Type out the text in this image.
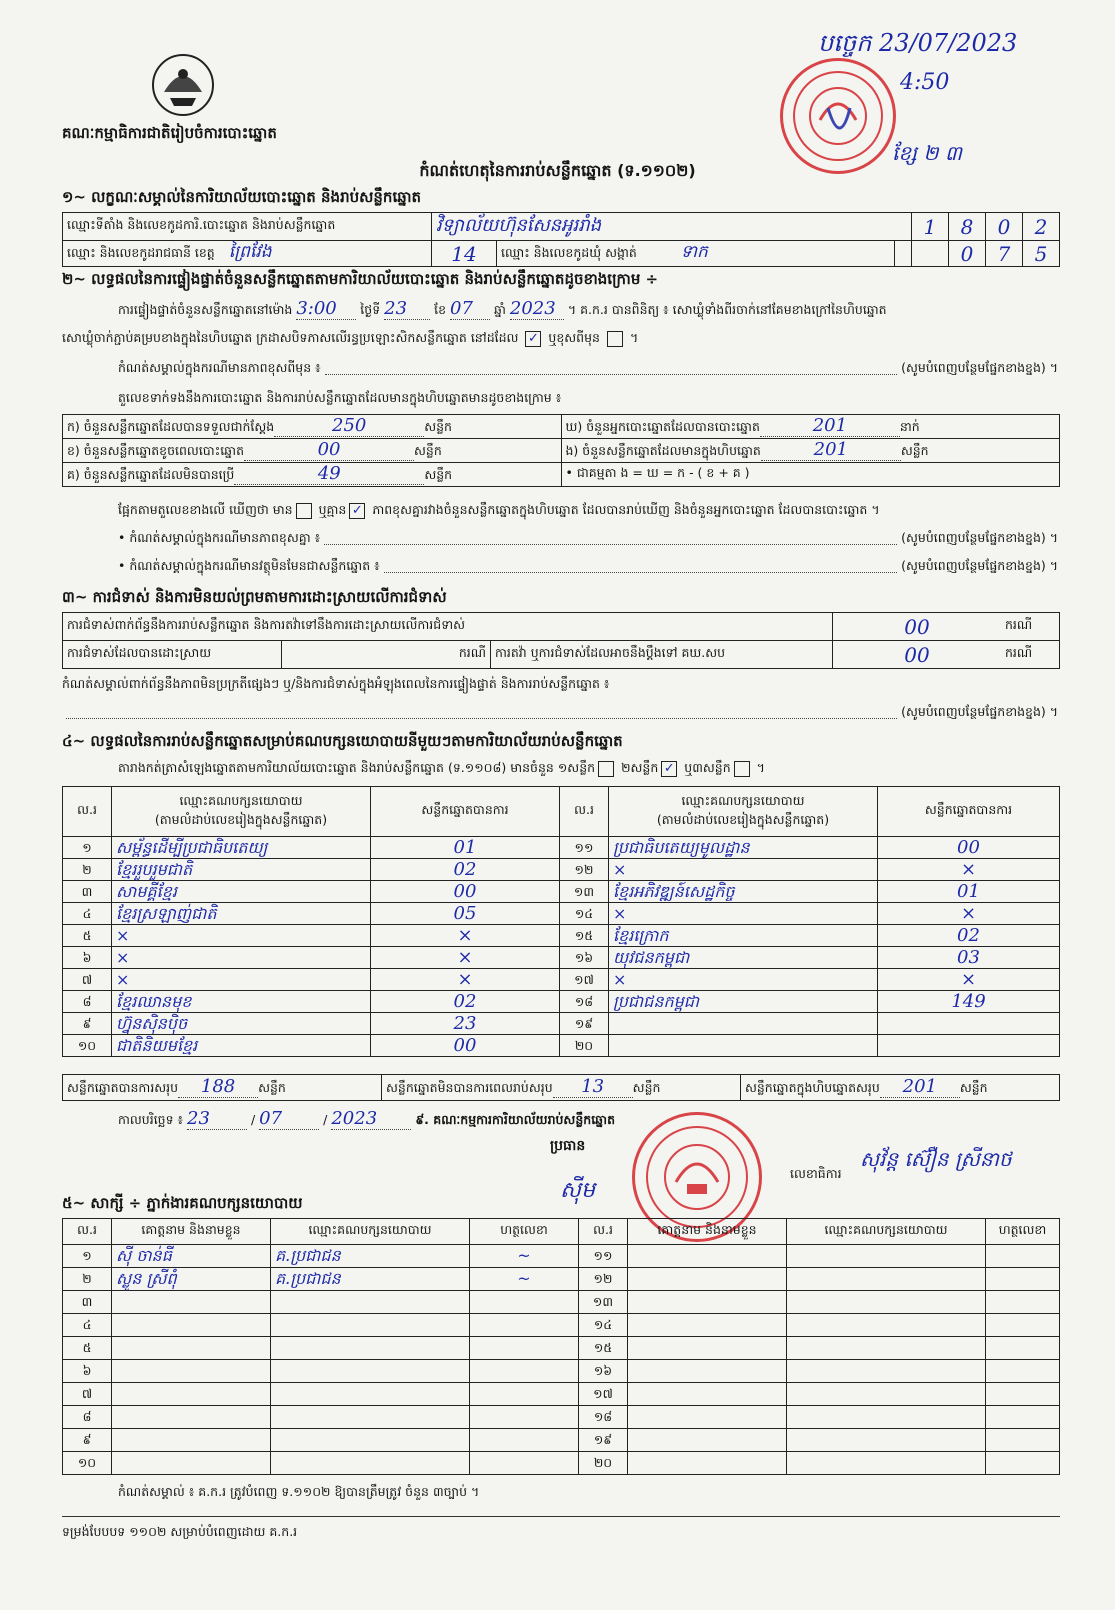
គណៈកម្មាធិការជាតិរៀបចំការបោះឆ្នោត
បច្ចេក 23/07/2023
4:50
ខ្សែ ២ ៣
កំណត់ហេតុនៃការរាប់សន្លឹកឆ្នោត (ទ.១១០២)
១~ លក្ខណៈសម្គាល់នៃការិយាល័យបោះឆ្នោត និងរាប់សន្លឹកឆ្នោត
ឈ្មោះទីតាំង និងលេខកូដការិ.បោះឆ្នោត និងរាប់សន្លឹកឆ្នោត	វិទ្យាល័យហ៊ុនសែនអូររាំង			1	8	0	2
ឈ្មោះ និងលេខកូដរាជធានី ខេត្ត ព្រៃវែង	14	ឈ្មោះ និងលេខកូដឃុំ សង្កាត់ ទាក			0	7	5
២~ លទ្ធផលនៃការផ្ទៀងផ្ទាត់ចំនួនសន្លឹកឆ្នោតតាមការិយាល័យបោះឆ្នោត និងរាប់សន្លឹកឆ្នោតដូចខាងក្រោម ÷
ការផ្ទៀងផ្ទាត់ចំនួនសន្លឹកឆ្នោតនៅម៉ោង 3:00 ថ្ងៃទី 23 ខែ 07 ឆ្នាំ 2023 ។ គ.ក.រ បានពិនិត្យ ៖ សោឃ្លុំទាំងពីរចាក់នៅគែមខាងក្រៅនៃហិបឆ្នោត
សោឃ្លុំចាក់ភ្ជាប់គម្របខាងក្នុងនៃហិបឆ្នោត ក្រដាសបិទភាសលើរន្ធប្រឡោះសិកសន្លឹកឆ្នោត នៅដដែល ✓ ឬខុសពីមុន  ។
កំណត់សម្គាល់ក្នុងករណីមានភាពខុសពីមុន ៖	(សូមបំពេញបន្ថែមផ្នែកខាងខ្នង) ។
តួលេខទាក់ទងនឹងការបោះឆ្នោត និងការរាប់សន្លឹកឆ្នោតដែលមានក្នុងហិបឆ្នោតមានដូចខាងក្រោម ៖
ក) ចំនួនសន្លឹកឆ្នោតដែលបានទទួលជាក់ស្តែង 250 សន្លឹក	ឃ) ចំនួនអ្នកបោះឆ្នោតដែលបានបោះឆ្នោត 201 នាក់
ខ) ចំនួនសន្លឹកឆ្នោតខូចពេលបោះឆ្នោត 00 សន្លឹក	ង) ចំនួនសន្លឹកឆ្នោតដែលមានក្នុងហិបឆ្នោត 201 សន្លឹក
គ) ចំនួនសន្លឹកឆ្នោតដែលមិនបានប្រើ 49 សន្លឹក	• ជាគម្មតា ង = ឃ = ក - ( ខ + គ )
ផ្អែកតាមតួលេខខាងលើ ឃើញថា មាន ឬគ្មាន ✓ ភាពខុសគ្នារវាងចំនួនសន្លឹកឆ្នោតក្នុងហិបឆ្នោត ដែលបានរាប់ឃើញ និងចំនួនអ្នកបោះឆ្នោត ដែលបានបោះឆ្នោត ។
• កំណត់សម្គាល់ក្នុងករណីមានភាពខុសគ្នា ៖	(សូមបំពេញបន្ថែមផ្នែកខាងខ្នង) ។
• កំណត់សម្គាល់ក្នុងករណីមានវត្ថុមិនមែនជាសន្លឹកឆ្នោត ៖	(សូមបំពេញបន្ថែមផ្នែកខាងខ្នង) ។
៣~ ការជំទាស់ និងការមិនយល់ព្រមតាមការដោះស្រាយលើការជំទាស់
ការជំទាស់ពាក់ព័ន្ធនឹងការរាប់សន្លឹកឆ្នោត និងការតវ៉ាទៅនឹងការដោះស្រាយលើការជំទាស់			00	ករណី
ការជំទាស់ដែលបានដោះស្រាយ	ករណី	ការតវ៉ា ឬការជំទាស់ដែលអាចនឹងប្តឹងទៅ គឃ.សប	00	ករណី
កំណត់សម្គាល់ពាក់ព័ន្ធនឹងភាពមិនប្រក្រតីផ្សេងៗ ឬ/និងការជំទាស់ក្នុងអំឡុងពេលនៃការផ្ទៀងផ្ទាត់ និងការរាប់សន្លឹកឆ្នោត ៖
(សូមបំពេញបន្ថែមផ្នែកខាងខ្នង) ។
៤~ លទ្ធផលនៃការរាប់សន្លឹកឆ្នោតសម្រាប់គណបក្សនយោបាយនីមួយៗតាមការិយាល័យរាប់សន្លឹកឆ្នោត
តារាងកត់ត្រាសំឡេងឆ្នោតតាមការិយាល័យបោះឆ្នោត និងរាប់សន្លឹកឆ្នោត (ទ.១១០៨) មានចំនួន ១សន្លឹក ២សន្លឹក ✓ ឬ៣សន្លឹក ។
ល.រ	ឈ្មោះគណបក្សនយោបាយ
(តាមលំដាប់លេខរៀងក្នុងសន្លឹកឆ្នោត)	សន្លឹកឆ្នោតបានការ	ល.រ	ឈ្មោះគណបក្សនយោបាយ
(តាមលំដាប់លេខរៀងក្នុងសន្លឹកឆ្នោត)	សន្លឹកឆ្នោតបានការ
១	សម្ព័ន្ធដើម្បីប្រជាធិបតេយ្យ	01	១១	ប្រជាធិបតេយ្យមូលដ្ឋាន	00
២	ខ្មែររួបរួមជាតិ	02	១២	×	×
៣	សាមគ្គីខ្មែរ	00	១៣	ខ្មែរអភិវឌ្ឍន៍សេដ្ឋកិច្ច	01
៤	ខ្មែរស្រឡាញ់ជាតិ	05	១៤	×	×
៥	×	×	១៥	ខ្មែរក្រោក	02
៦	×	×	១៦	យុវជនកម្ពុជា	03
៧	×	×	១៧	×	×
៨	ខ្មែរឈានមុខ	02	១៨	ប្រជាជនកម្ពុជា	149
៩	ហ្វ៊ុនស៊ិនប៉ិច	23	១៩		
១០	ជាតិនិយមខ្មែរ	00	២០		
សន្លឹកឆ្នោតបានការសរុប 188 សន្លឹក	សន្លឹកឆ្នោតមិនបានការពេលរាប់សរុប 13 សន្លឹក	សន្លឹកឆ្នោតក្នុងហិបឆ្នោតសរុប 201 សន្លឹក
កាលបរិច្ឆេទ ៖ 23	/ 07	/ 2023	៩. គណៈកម្មការការិយាល័យរាប់សន្លឹកឆ្នោត
ប្រធាន
ស៊ីម
លេខាធិការ
សុវ័ន្ត ស៊ឿន ស្រីនាថ
៥~ សាក្សី ÷ ភ្នាក់ងារគណបក្សនយោបាយ
ល.រ	គោត្តនាម និងនាមខ្លួន	ឈ្មោះគណបក្សនយោបាយ	ហត្ថលេខា	ល.រ	គោត្តនាម និងនាមខ្លួន	ឈ្មោះគណបក្សនយោបាយ	ហត្ថលេខា
១	ស៊ី ចាន់ធី	គ.ប្រជាជន	~	១១			
២	ស្លូន ស្រីពុំ	គ.ប្រជាជន	~	១២			
៣				១៣			
៤				១៤			
៥				១៥			
៦				១៦			
៧				១៧			
៨				១៨			
៩				១៩			
១០				២០			
កំណត់សម្គាល់ ៖ គ.ក.រ ត្រូវបំពេញ ទ.១១០២ ឱ្យបានត្រឹមត្រូវ ចំនួន ៣ច្បាប់ ។
ទម្រង់បែបបទ ១១០២ សម្រាប់បំពេញដោយ គ.ក.រ
